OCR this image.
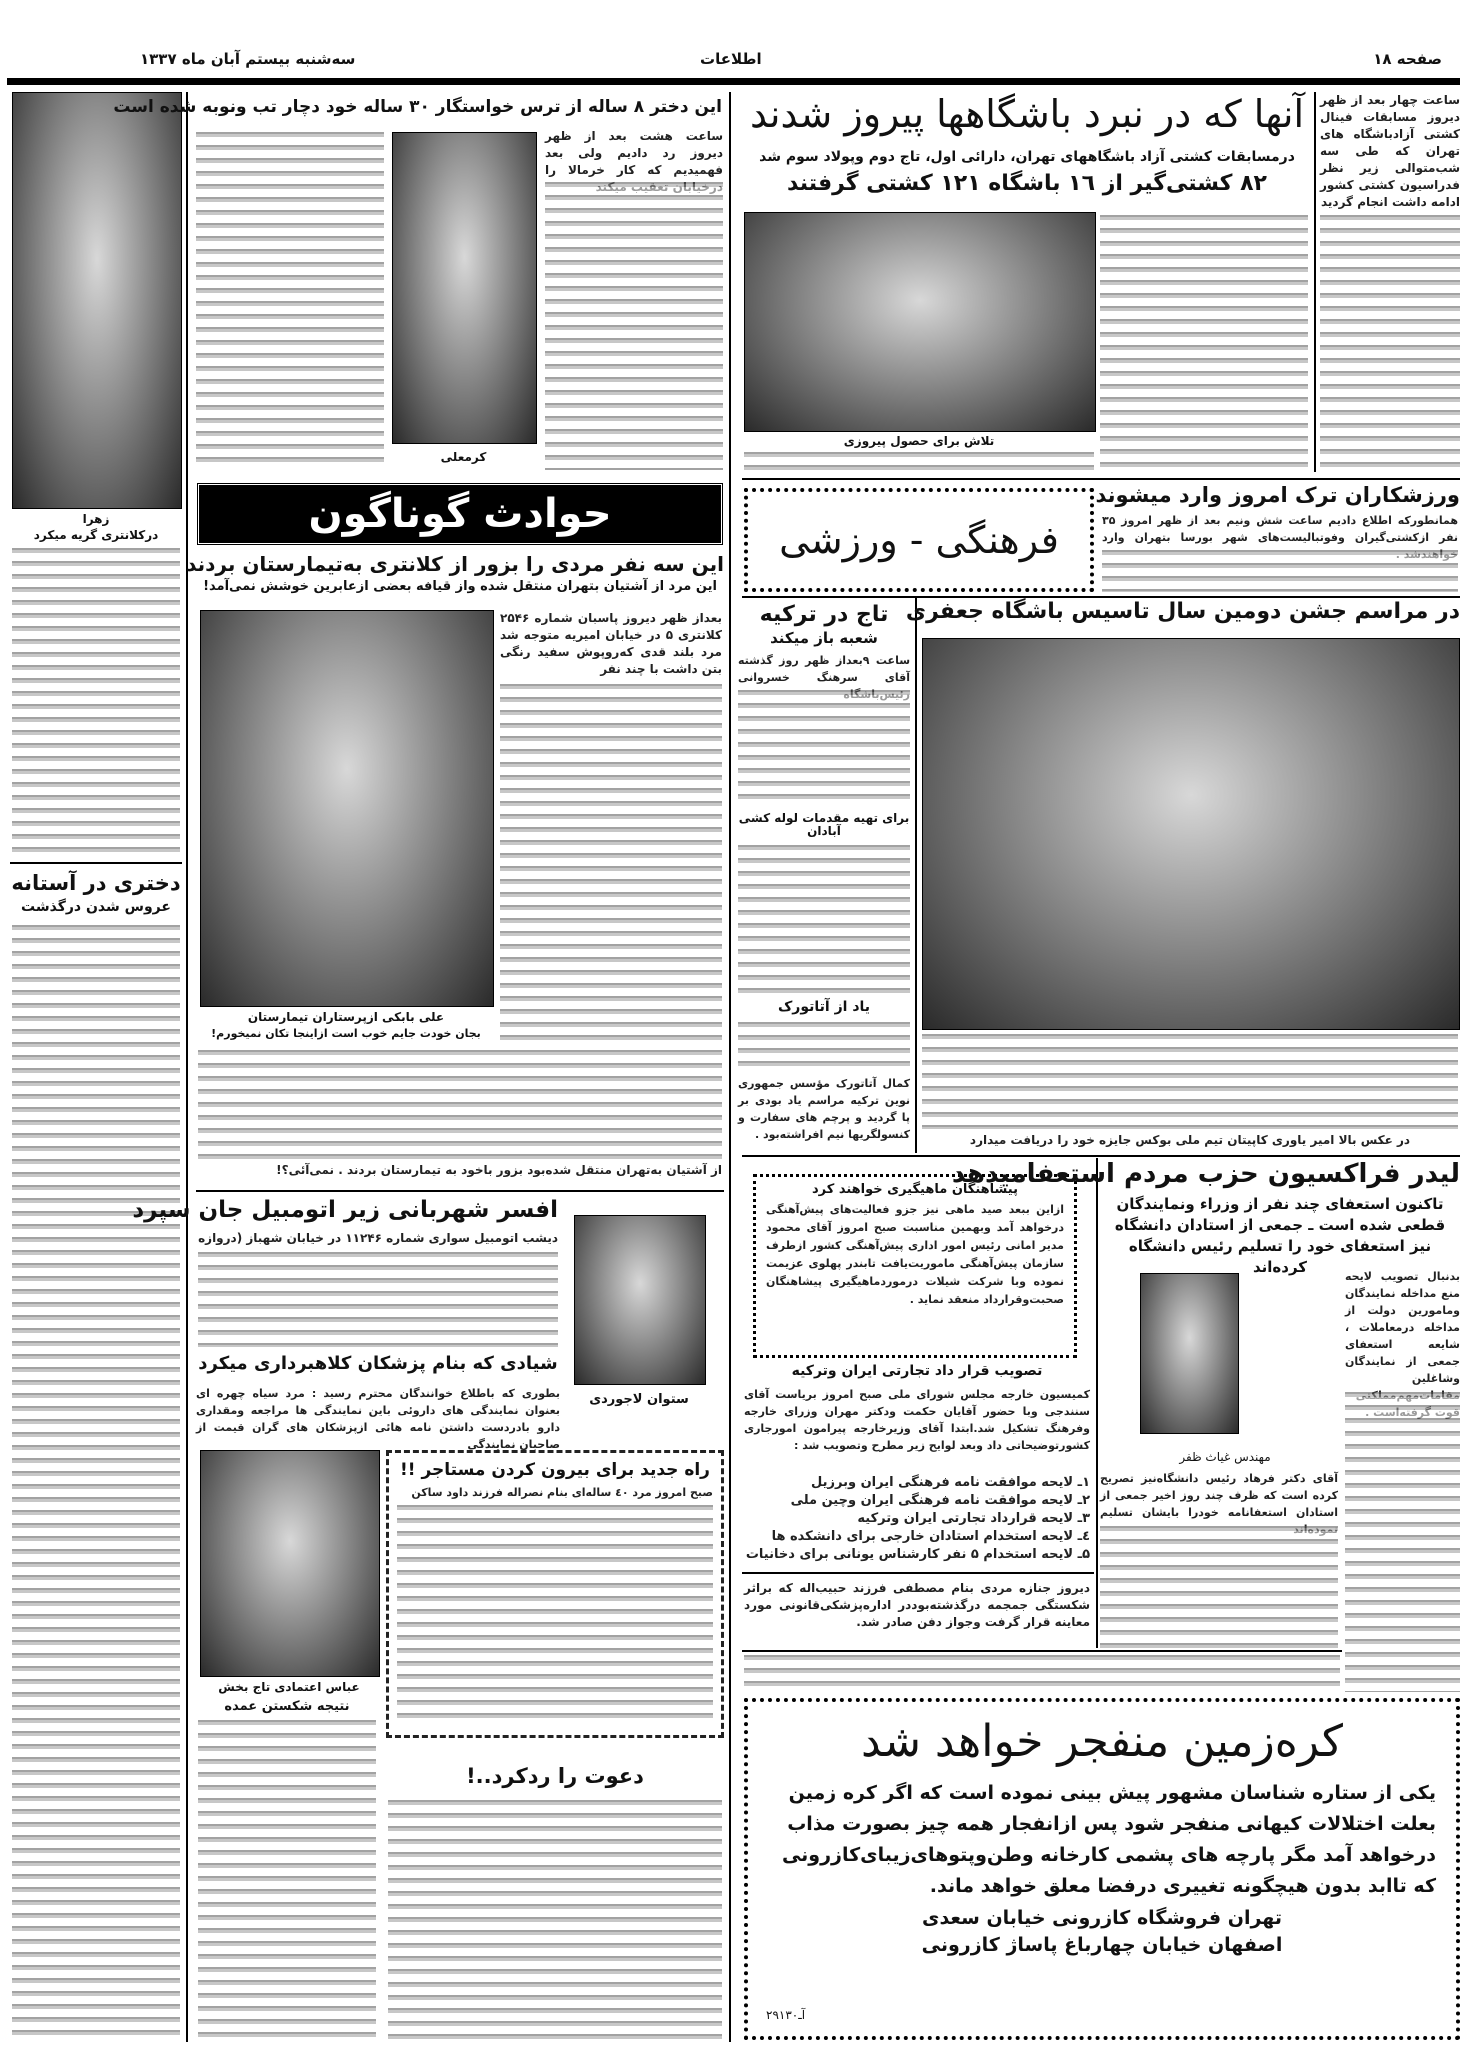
صفحه ۱۸
اطلاعات
سه‌شنبه بیستم آبان ماه ۱۳۳۷
زهرا
درکلانتری گریه میکرد
دختری در آستانه
عروس شدن درگذشت
این دختر ۸ ساله از ترس خواستگار ۳۰ ساله خود دچار تب ونوبه شده است
ساعت هشت بعد از ظهر دیروز رد دادیم ولی بعد فهمیدیم که کار خرمالا را
کرمعلی
حوادث گوناگون
این سه نفر مردی را بزور از کلانتری به‌تیمارستان بردند
این مرد از آشتیان بتهران منتقل شده واز قیافه بعضی ازعابرین خوشش نمی‌آمد!
علی بابکی ازپرستاران تیمارستان
بجان خودت جایم خوب است ازاینجا تکان نمیخورم!
بعداز ظهر دیروز پاسبان شماره ۲۵۴۶ کلانتری ۵ در خیابان امیریه متوجه شد مرد بلند قدی که‌روپوش سفید رنگی بتن داشت با چند نفر
از آشتیان به‌تهران منتقل شده‌بود بزور باخود به تیمارستان بردند . نمی‌آئی؟!
افسر شهربانی زیر اتومبیل جان سپرد
دیشب اتومبیل سواری شماره ۱۱۲۴۶ در خیابان شهباز (دروازه
ستوان لاجوردی
شیادی که بنام پزشکان کلاهبرداری میکرد
بطوری که باطلاع خوانندگان محترم رسید : مرد سیاه چهره ای بعنوان نمایندگی های داروئی باین نمایندگی ها مراجعه ومقداری دارو بادردست داشتن نامه هائی ازپزشکان های گران قیمت از صاحبان نمایندگی
عباس اعتمادی تاج بخش
نتیجه شکستن عمده
راه جدید برای بیرون کردن مستاجر !!
صبح امروز مرد ٤٠ ساله‌ای بنام نصراله فرزند داود ساکن
دعوت را ردکرد..!
آنها که در نبرد باشگاهها پیروز شدند
درمسابقات کشتی آزاد باشگاههای تهران، دارائی اول، تاج دوم وپولاد سوم شد
۸۲ کشتی‌گیر از ۱٦ باشگاه ۱۲۱ کشتی گرفتند
ساعت چهار بعد از ظهر دیروز مسابقات فینال کشتی آزادباشگاه های تهران که طی سه شب‌متوالی زیر نظر فدراسیون کشتی کشور ادامه داشت انجام گردید
تلاش برای حصول پیروزی
فرهنگی - ورزشی
ورزشکاران ترک امروز وارد میشوند
همانطورکه اطلاع دادیم ساعت شش ونیم بعد از ظهر امروز ۳۵ نفر ازکشتی‌گیران وفوتبالیست‌های شهر بورسا بتهران وارد
تاج در ترکیه
شعبه باز میکند
ساعت ۹بعداز ظهر روز گذشته آقای سرهنگ خسروانی
برای تهیه مقدمات لوله کشی آبادان
یاد از آتاتورک
کمال آتاتورک مؤسس جمهوری نوین ترکیه مراسم یاد بودی بر پا گردید و پرچم های سفارت و کنسولگریها نیم افراشته‌بود .
در مراسم جشن دومین سال تاسیس باشگاه جعفری
در عکس بالا امیر یاوری کاپیتان تیم ملی بوکس جایزه خود را دریافت میدارد
پیشاهنگان ماهیگیری خواهند کرد
ازاین ببعد صید ماهی نیز جزو فعالیت‌های پیش‌آهنگی درخواهد آمد وبهمین مناسبت صبح امروز آقای محمود مدیر امانی رئیس امور اداری پیش‌آهنگی کشور ازطرف سازمان پیش‌آهنگی ماموریت‌یافت تابندر پهلوی عزیمت نموده وبا شرکت شیلات درموردماهیگیری پیشاهنگان صحبت‌وقرارداد منعقد نماید .
تصویب قرار داد تجارتی ایران وترکیه
کمیسیون خارجه مجلس شورای ملی صبح امروز بریاست آقای سنندجی وبا حضور آقایان حکمت ودکتر مهران وزرای خارجه وفرهنگ تشکیل شد.ابتدا آقای وزیرخارجه پیرامون امورجاری کشورتوضیحاتی داد وبعد لوایح زیر مطرح وتصویب شد :
۱ـ لایحه موافقت نامه فرهنگی ایران وبرزیل
۲ـ لایحه موافقت نامه فرهنگی ایران وچین ملی
۳ـ لایحه قرارداد تجارتی ایران وترکیه
٤ـ لایحه استخدام استادان خارجی برای دانشکده ها
۵ـ لایحه استخدام ۵ نفر کارشناس یونانی برای دخانیات
دیروز جنازه مردی بنام مصطفی فرزند حبیب‌اله که براثر شکستگی جمجمه درگذشته‌بوددر اداره‌پزشکی‌قانونی مورد معاینه قرار گرفت وجواز دفن صادر شد.
لیدر فراکسیون حزب مردم استعفامیدهد
تاکنون استعفای چند نفر از وزراء ونمایندگان قطعی شده است ـ جمعی از استادان دانشگاه نیز استعفای خود را تسلیم رئیس دانشگاه کرده‌اند
بدنبال تصویب لایحه منع مداخله نمایندگان ومامورین دولت از مداخله درمعاملات ، شایعه استعفای جمعی از نمایندگان وشاغلین
مهندس غیاث ظفر
آقای دکتر فرهاد رئیس دانشگاه‌نیز تصریح کرده است که ظرف چند روز اخیر جمعی از استادان استعفانامه خودرا بایشان تسلیم
کره‌زمین منفجر خواهد شد
یکی از ستاره شناسان مشهور پیش بینی نموده است که اگر کره زمین
بعلت اختلالات کیهانی منفجر شود پس ازانفجار همه چیز بصورت مذاب
درخواهد آمد مگر پارچه های پشمی کارخانه وطن‌وپتوهای‌زیبای‌کازرونی
که تاابد بدون هیچگونه تغییری درفضا معلق خواهد ماند.
تهران فروشگاه کازرونی خیابان سعدی
اصفهان خیابان چهارباغ پاساژ کازرونی
آـ۲۹۱۳۰
